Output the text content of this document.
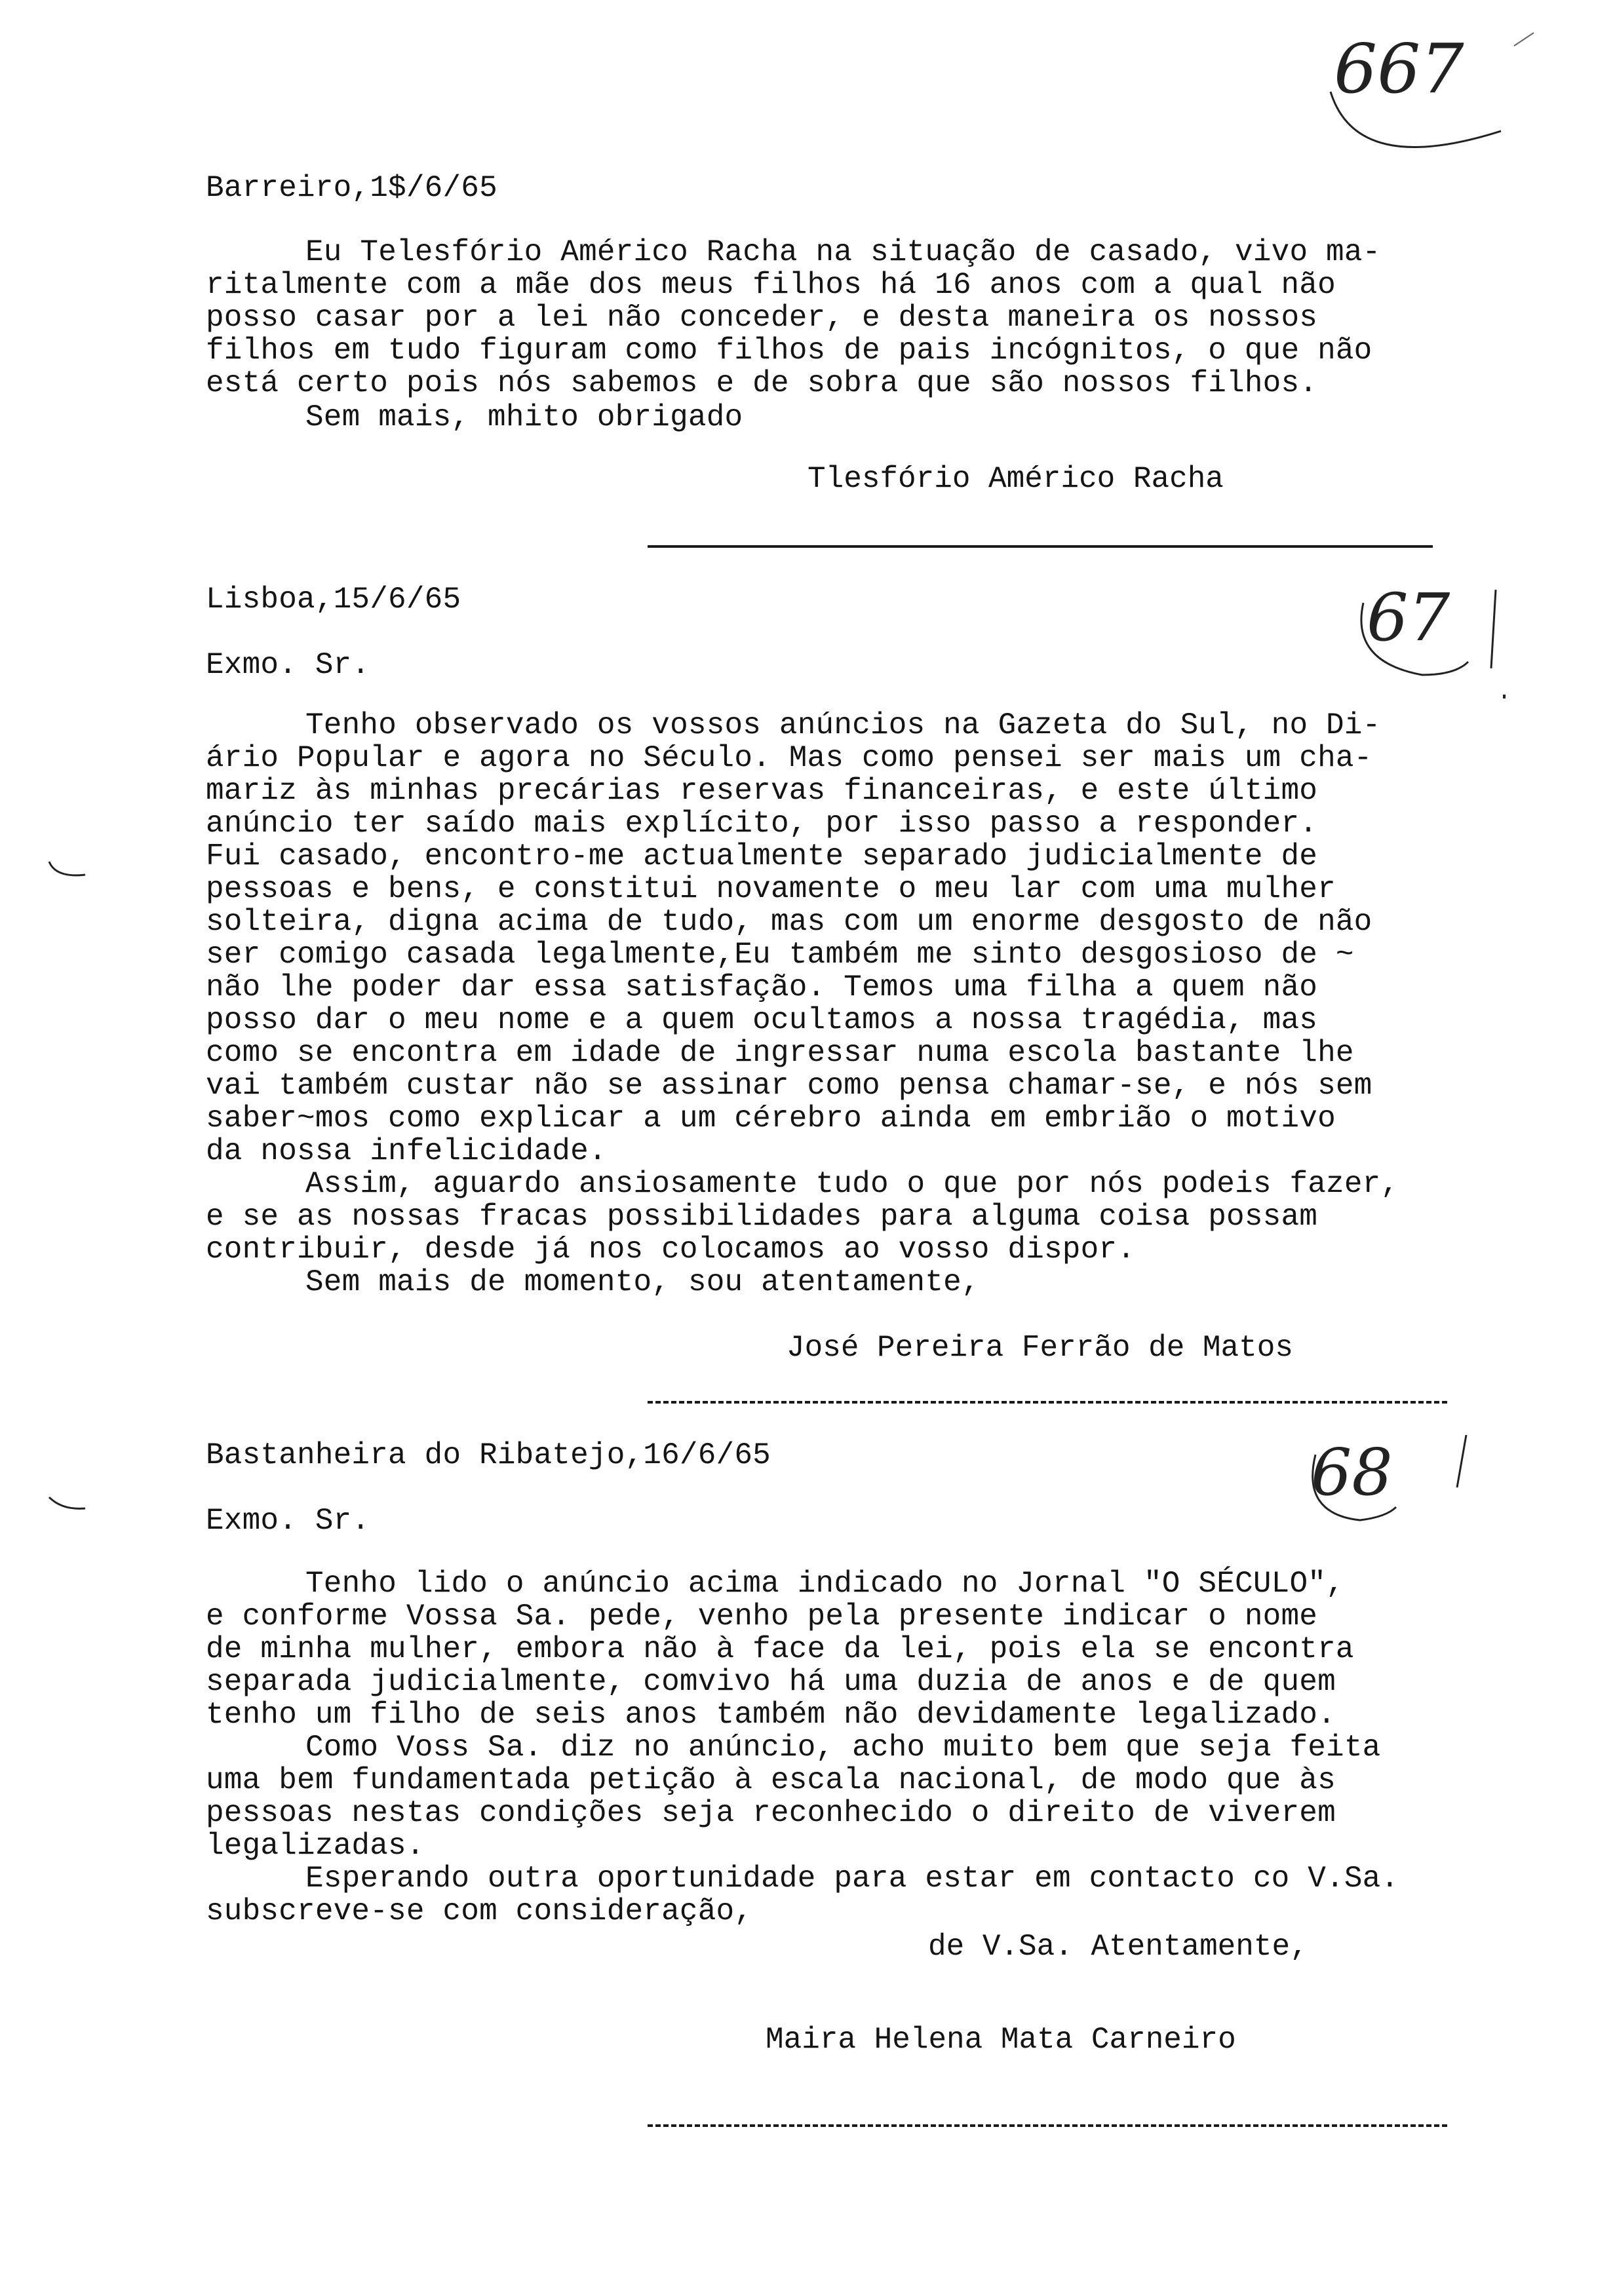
667
Barreiro,1$/6/65
Eu Telesfório Américo Racha na situação de casado, vivo ma-
ritalmente com a mãe dos meus filhos há 16 anos com a qual não
posso casar por a lei não conceder, e desta maneira os nossos
filhos em tudo figuram como filhos de pais incógnitos, o que não
está certo pois nós sabemos e de sobra que são nossos filhos.
Sem mais, mhito obrigado
Tlesfório Américo Racha
67
Lisboa,15/6/65
Exmo. Sr.
Tenho observado os vossos anúncios na Gazeta do Sul, no Di-
ário Popular e agora no Século. Mas como pensei ser mais um cha-
mariz às minhas precárias reservas financeiras, e este último
anúncio ter saído mais explícito, por isso passo a responder.
Fui casado, encontro-me actualmente separado judicialmente de
pessoas e bens, e constitui novamente o meu lar com uma mulher
solteira, digna acima de tudo, mas com um enorme desgosto de não
ser comigo casada legalmente,Eu também me sinto desgosioso de ~
não lhe poder dar essa satisfação. Temos uma filha a quem não
posso dar o meu nome e a quem ocultamos a nossa tragédia, mas
como se encontra em idade de ingressar numa escola bastante lhe
vai também custar não se assinar como pensa chamar-se, e nós sem
saber~mos como explicar a um cérebro ainda em embrião o motivo
da nossa infelicidade.
Assim, aguardo ansiosamente tudo o que por nós podeis fazer,
e se as nossas fracas possibilidades para alguma coisa possam
contribuir, desde já nos colocamos ao vosso dispor.
Sem mais de momento, sou atentamente,
José Pereira Ferrão de Matos
68
Bastanheira do Ribatejo,16/6/65
Exmo. Sr.
Tenho lido o anúncio acima indicado no Jornal "O SÉCULO",
e conforme Vossa Sa. pede, venho pela presente indicar o nome
de minha mulher, embora não à face da lei, pois ela se encontra
separada judicialmente, comvivo há uma duzia de anos e de quem
tenho um filho de seis anos também não devidamente legalizado.
Como Voss Sa. diz no anúncio, acho muito bem que seja feita
uma bem fundamentada petição à escala nacional, de modo que às
pessoas nestas condições seja reconhecido o direito de viverem
legalizadas.
Esperando outra oportunidade para estar em contacto co V.Sa.
subscreve-se com consideração,
de V.Sa. Atentamente,
Maira Helena Mata Carneiro
